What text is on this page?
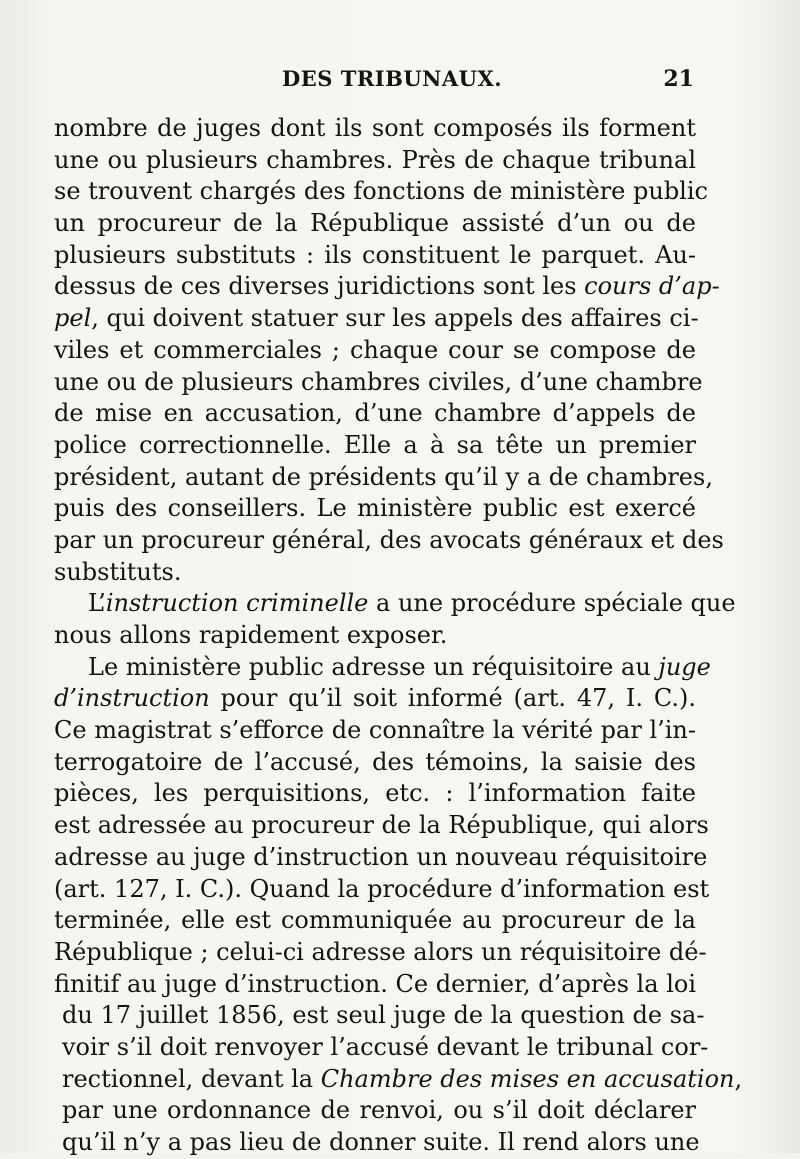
DES TRIBUNAUX.	21
nombre de juges dont ils sont composés ils forment
une ou plusieurs chambres. Près de chaque tribunal
se trouvent chargés des fonctions de ministère public
un procureur de la République assisté d’un ou de
plusieurs substituts : ils constituent le parquet. Au-
dessus de ces diverses juridictions sont les cours d’ap-
pel, qui doivent statuer sur les appels des affaires ci-
viles et commerciales ; chaque cour se compose de
une ou de plusieurs chambres civiles, d’une chambre
de mise en accusation, d’une chambre d’appels de
police correctionnelle. Elle a à sa tête un premier
président, autant de présidents qu’il y a de chambres,
puis des conseillers. Le ministère public est exercé
par un procureur général, des avocats généraux et des
substituts.
L’instruction criminelle a une procédure spéciale que
nous allons rapidement exposer.
Le ministère public adresse un réquisitoire au juge
d’instruction pour qu’il soit informé (art. 47, I. C.).
Ce magistrat s’efforce de connaître la vérité par l’in-
terrogatoire de l’accusé, des témoins, la saisie des
pièces, les perquisitions, etc. : l’information faite
est adressée au procureur de la République, qui alors
adresse au juge d’instruction un nouveau réquisitoire
(art. 127, I. C.). Quand la procédure d’information est
terminée, elle est communiquée au procureur de la
République ; celui-ci adresse alors un réquisitoire dé-
finitif au juge d’instruction. Ce dernier, d’après la loi
du 17 juillet 1856, est seul juge de la question de sa-
voir s’il doit renvoyer l’accusé devant le tribunal cor-
rectionnel, devant la Chambre des mises en accusation,
par une ordonnance de renvoi, ou s’il doit déclarer
qu’il n’y a pas lieu de donner suite. Il rend alors une
